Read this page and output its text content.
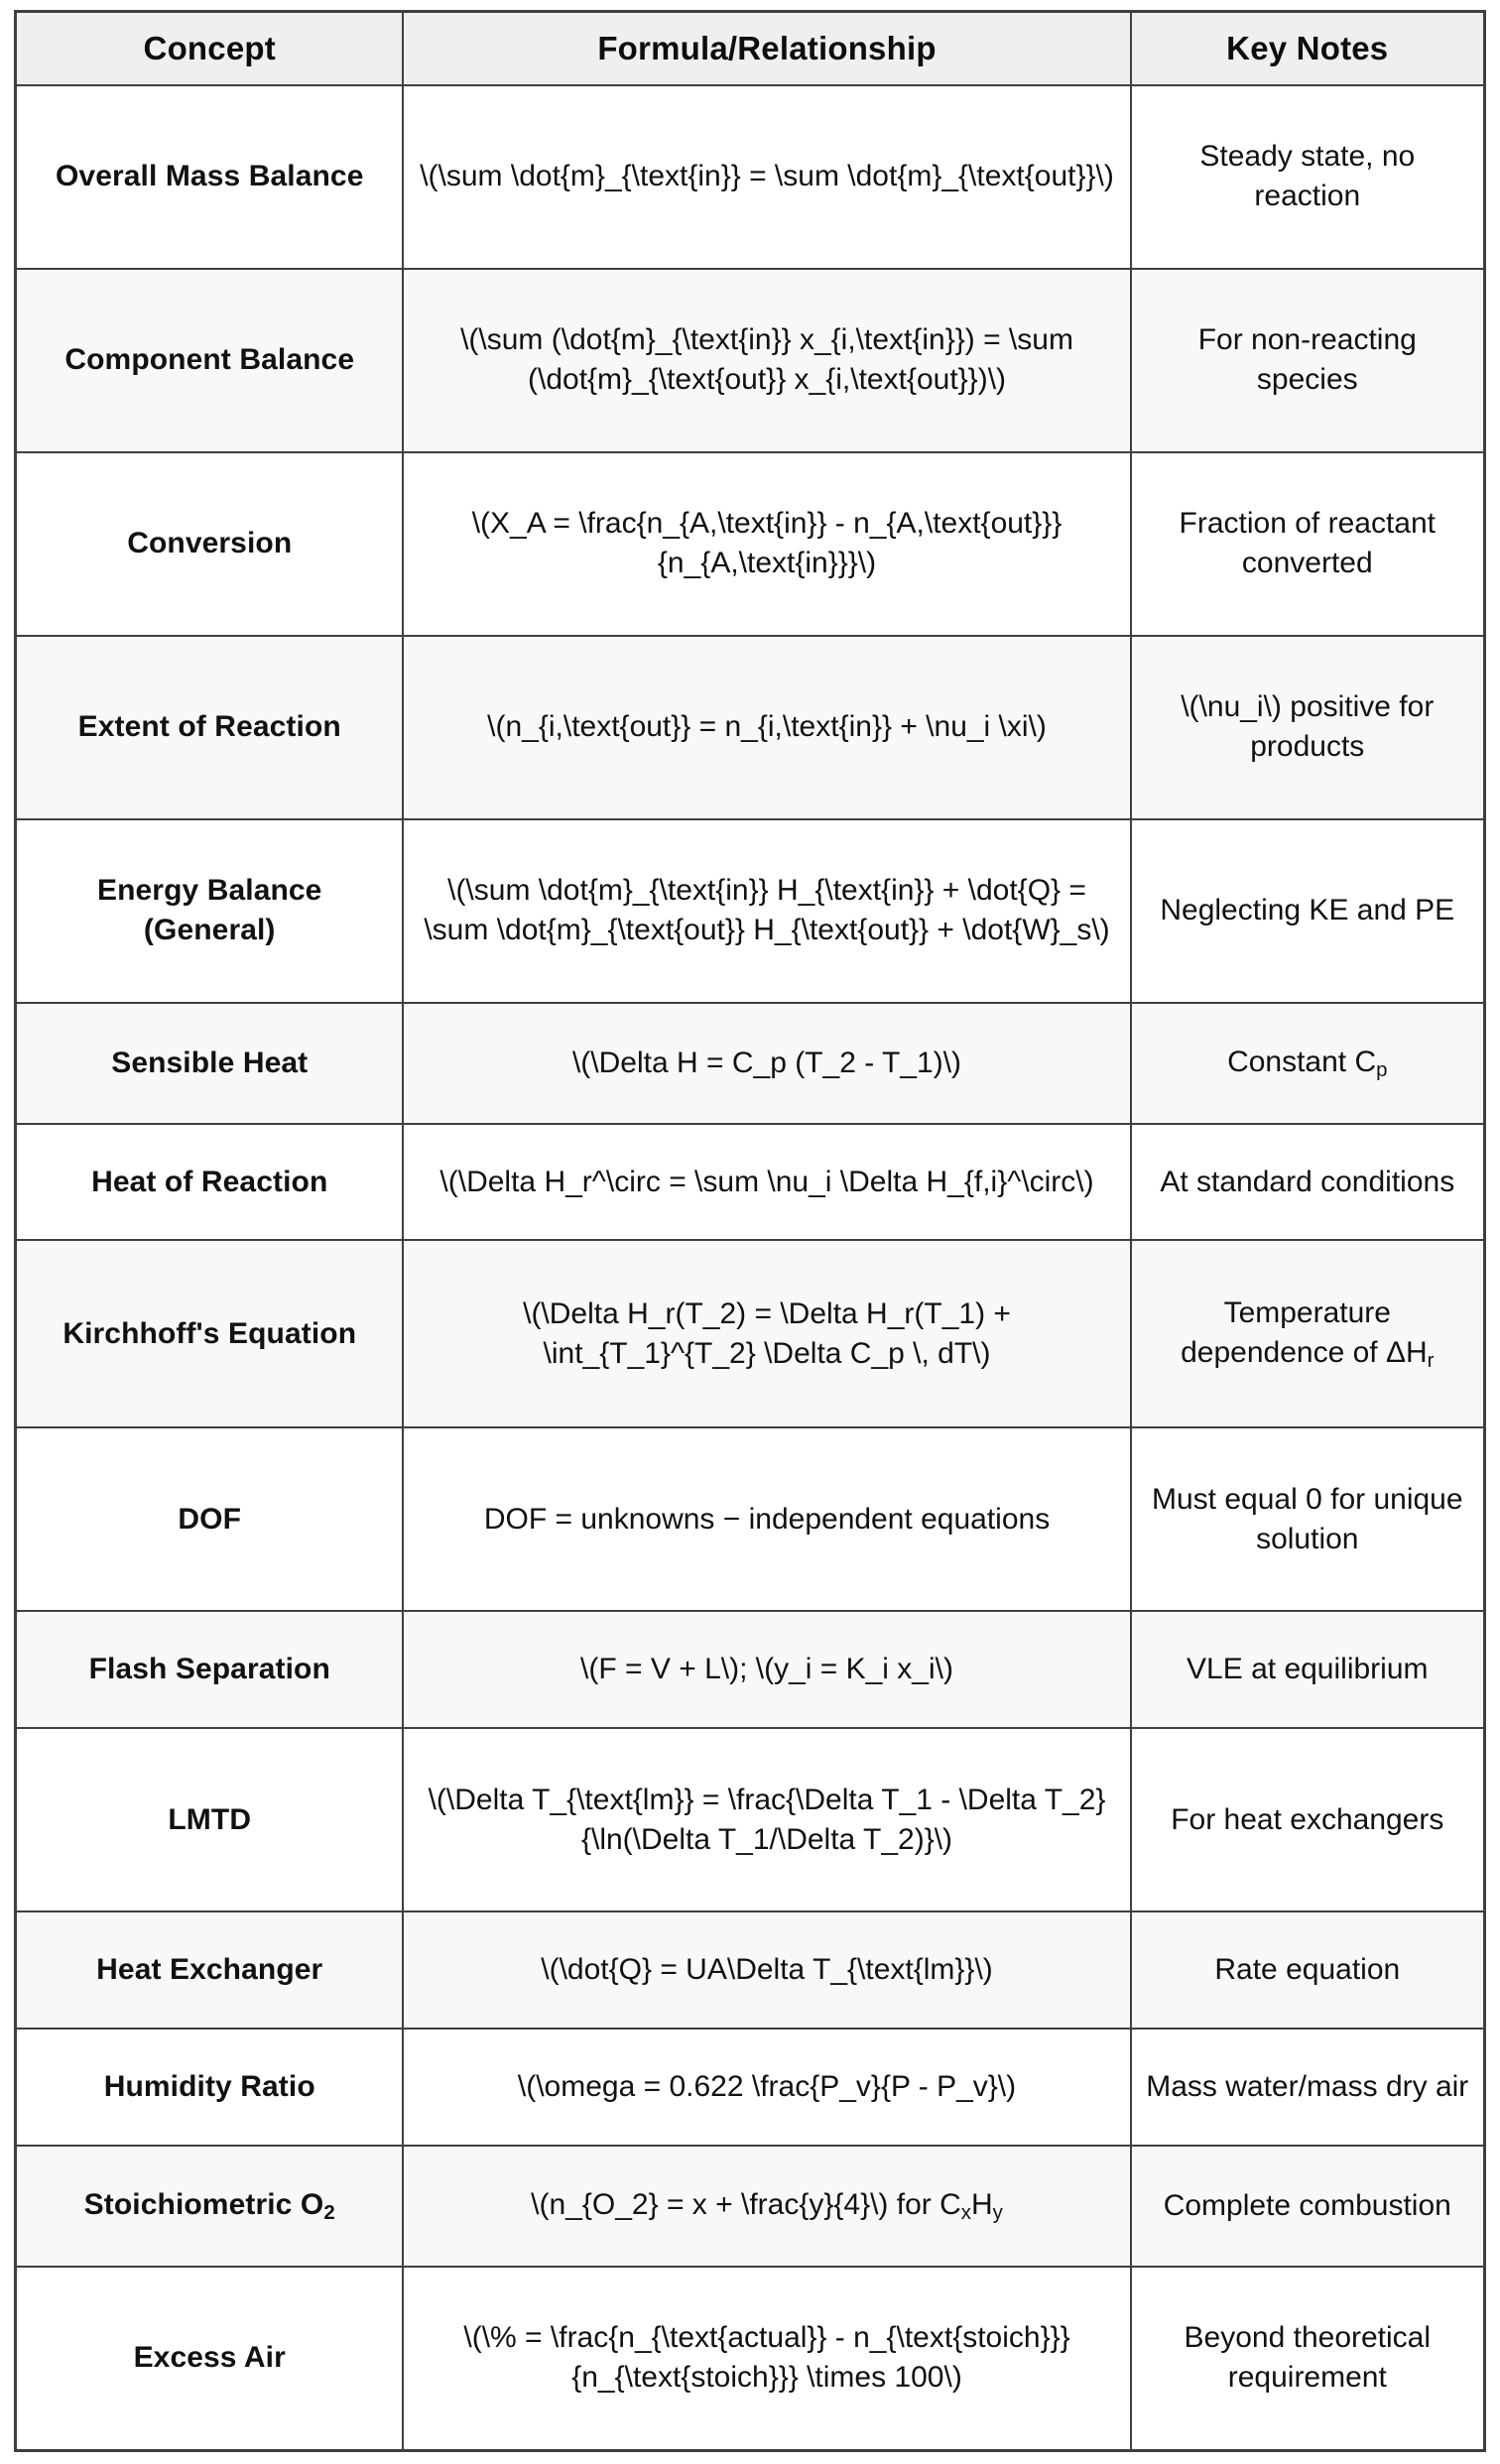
Concept	Formula/Relationship	Key Notes
Overall Mass Balance	\(\sum \dot{m}_{\text{in}} = \sum \dot{m}_{\text{out}}\)	Steady state, no reaction
Component Balance	\(\sum (\dot{m}_{\text{in}} x_{i,\text{in}}) = \sum (\dot{m}_{\text{out}} x_{i,\text{out}})\)	For non-reacting species
Conversion	\(X_A = \frac{n_{A,\text{in}} - n_{A,\text{out}}}{n_{A,\text{in}}}\)	Fraction of reactant converted
Extent of Reaction	\(n_{i,\text{out}} = n_{i,\text{in}} + \nu_i \xi\)	\(\nu_i\) positive for products
Energy Balance (General)	\(\sum \dot{m}_{\text{in}} H_{\text{in}} + \dot{Q} = \sum \dot{m}_{\text{out}} H_{\text{out}} + \dot{W}_s\)	Neglecting KE and PE
Sensible Heat	\(\Delta H = C_p (T_2 - T_1)\)	Constant $C_p$
Heat of Reaction	\(\Delta H_r^\circ = \sum \nu_i \Delta H_{f,i}^\circ\)	At standard conditions
Kirchhoff's Equation	\(\Delta H_r(T_2) = \Delta H_r(T_1) + \int_{T_1}^{T_2} \Delta C_p \, dT\)	Temperature dependence of $\Delta H_r$
DOF	DOF = unknowns − independent equations	Must equal 0 for unique solution
Flash Separation	\(F = V + L\); \(y_i = K_i x_i\)	VLE at equilibrium
LMTD	\(\Delta T_{\text{lm}} = \frac{\Delta T_1 - \Delta T_2}{\ln(\Delta T_1/\Delta T_2)}\)	For heat exchangers
Heat Exchanger	\(\dot{Q} = UA\Delta T_{\text{lm}}\)	Rate equation
Humidity Ratio	\(\omega = 0.622 \frac{P_v}{P - P_v}\)	Mass water/mass dry air
Stoichiometric $O_2$	\(n_{O_2} = x + \frac{y}{4}\) for $C_xH_y$	Complete combustion
Excess Air	\(\% = \frac{n_{\text{actual}} - n_{\text{stoich}}}{n_{\text{stoich}}} \times 100\)	Beyond theoretical requirement
